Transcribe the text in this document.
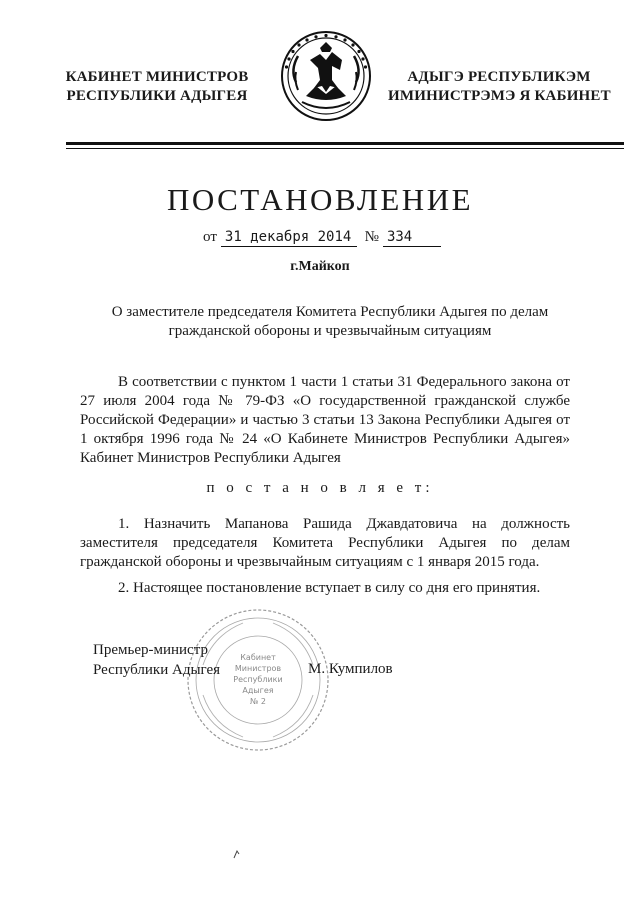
КАБИНЕТ МИНИСТРОВ
РЕСПУБЛИКИ АДЫГЕЯ
АДЫГЭ РЕСПУБЛИКЭМ
ИМИНИСТРЭМЭ Я КАБИНЕТ
ПОСТАНОВЛЕНИЕ
от 31 декабря 2014 № 334
г.Майкоп
О заместителе председателя Комитета Республики Адыгея по делам гражданской обороны и чрезвычайным ситуациям
В соответствии с пунктом 1 части 1 статьи 31 Федерального закона от 27 июля 2004 года № 79-ФЗ «О государственной гражданской службе Российской Федерации» и частью 3 статьи 13 Закона Республики Адыгея от 1 октября 1996 года № 24 «О Кабинете Министров Республики Адыгея» Кабинет Министров Республики Адыгея
п о с т а н о в л я е т:
1. Назначить Мапанова Рашида Джавдатовича на должность заместителя председателя Комитета Республики Адыгея по делам гражданской обороны и чрезвычайным ситуациям с 1 января 2015 года.
2. Настоящее постановление вступает в силу со дня его принятия.
Кабинет
Министров
Республики
Адыгея
№ 2
Премьер-министр
Республики Адыгея	М. Кумпилов
